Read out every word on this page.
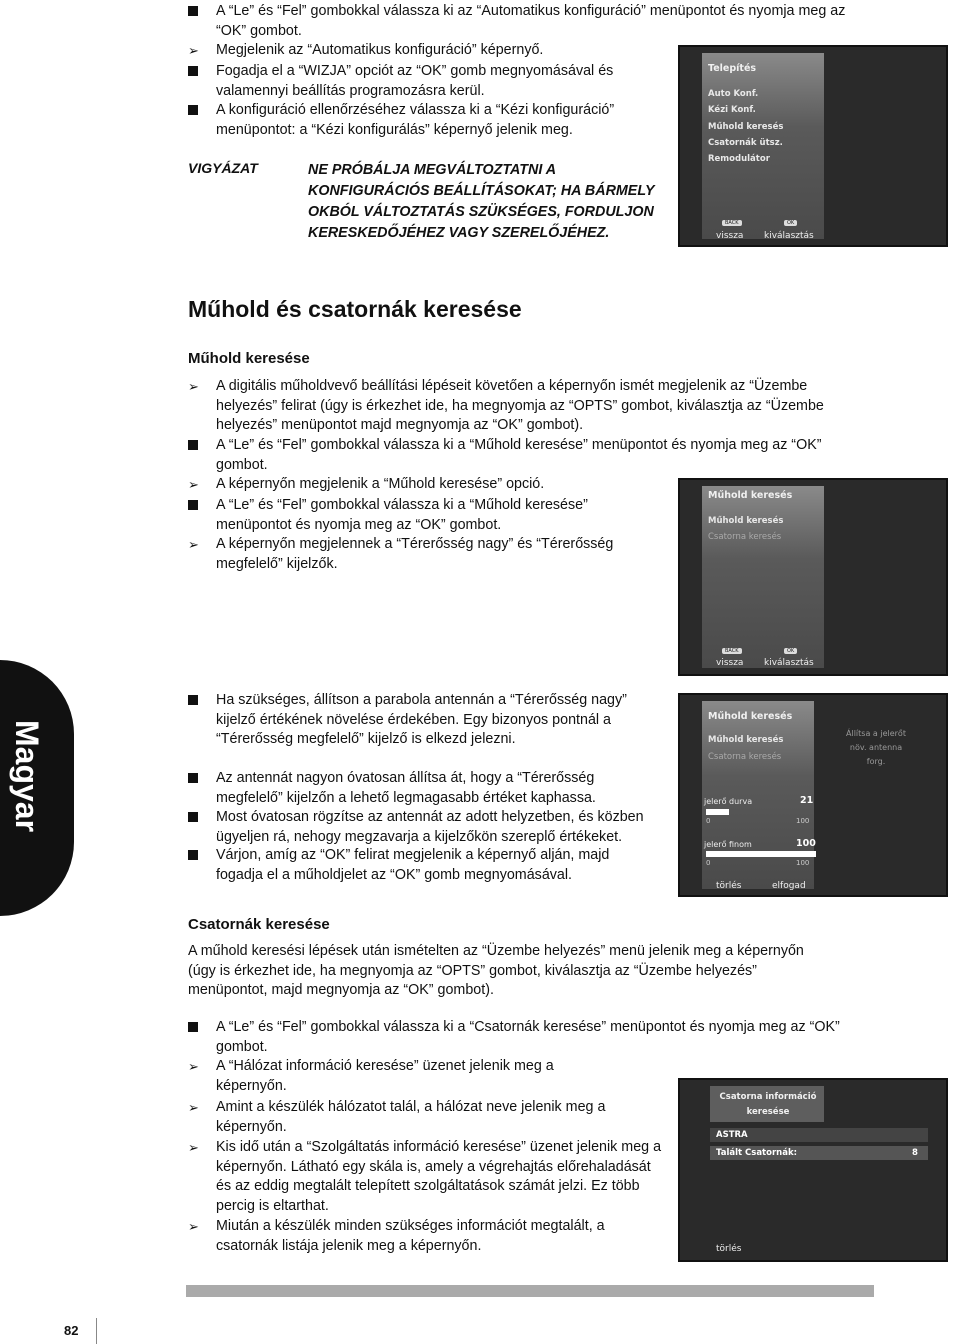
A “Le” és “Fel” gombokkal válassza ki az “Automatikus konfiguráció” menüpontot és nyomja meg az “OK” gombot.
➢	Megjelenik az “Automatikus konfiguráció” képernyő.
Fogadja el a “WIZJA” opciót az “OK” gomb megnyomásával és valamennyi beállítás programozásra kerül.
A konfiguráció ellenőrzéséhez válassza ki a “Kézi konfiguráció” menüpontot: a “Kézi konfigurálás” képernyő jelenik meg.
VIGYÁZAT	NE PRÓBÁLJA MEGVÁLTOZTATNI A KONFIGURÁCIÓS BEÁLLÍTÁSOKAT; HA BÁRMELY OKBÓL VÁLTOZTATÁS SZÜKSÉGES, FORDULJON KERESKEDŐJÉHEZ VAGY SZERELŐJÉHEZ.
Telepítés
Auto Konf.
Kézi Konf.
Műhold keresés
Csatornák ütsz.
Remodulátor
BACK
vissza
OK
kiválasztás
Műhold és csatornák keresése
Műhold keresése
➢	A digitális műholdvevő beállítási lépéseit követően a képernyőn ismét megjelenik az “Üzembe helyezés” felirat (úgy is érkezhet ide, ha megnyomja az “OPTS” gombot, kiválasztja az “Üzembe helyezés” menüpontot majd megnyomja az “OK” gombot).
A “Le” és “Fel” gombokkal válassza ki a “Műhold keresése” menüpontot és nyomja meg az “OK” gombot.
➢	A képernyőn megjelenik a “Műhold keresése” opció.
A “Le” és “Fel” gombokkal válassza ki a “Műhold keresése” menüpontot és nyomja meg az “OK” gombot.
➢	A képernyőn megjelennek a “Térerősség nagy” és “Térerősség megfelelő” kijelzők.
Műhold keresés
Műhold keresés
Csatorna keresés
BACK
vissza
OK
kiválasztás
Magyar
Ha szükséges, állítson a parabola antennán a “Térerősség nagy” kijelző értékének növelése érdekében. Egy bizonyos pontnál a “Térerősség megfelelő” kijelző is elkezd jelezni.
Az antennát nagyon óvatosan állítsa át, hogy a “Térerősség megfelelő” kijelzőn a lehető legmagasabb értéket kaphassa.
Most óvatosan rögzítse az antennát az adott helyzetben, és közben ügyeljen rá, nehogy megzavarja a kijelzőkön szereplő értékeket.
Várjon, amíg az “OK” felirat megjelenik a képernyő alján, majd fogadja el a műholdjelet az “OK” gomb megnyomásával.
Műhold keresés
Műhold keresés
Csatorna keresés
Állítsa a jelerőt növ. antenna forg.
jelerő durva	21
0	100
jelerő finom	100
0	100
törlés	elfogad
Csatornák keresése
A műhold keresési lépések után ismételten az “Üzembe helyezés” menü jelenik meg a képernyőn (úgy is érkezhet ide, ha megnyomja az “OPTS” gombot, kiválasztja az “Üzembe helyezés” menüpontot, majd megnyomja az “OK” gombot).
A “Le” és “Fel” gombokkal válassza ki a “Csatornák keresése” menüpontot és nyomja meg az “OK” gombot.
➢	A “Hálózat információ keresése” üzenet jelenik meg a képernyőn.
➢	Amint a készülék hálózatot talál, a hálózat neve jelenik meg a képernyőn.
➢	Kis idő után a “Szolgáltatás információ keresése” üzenet jelenik meg a képernyőn. Látható egy skála is, amely a végrehajtás előrehaladását és az eddig megtalált telepített szolgáltatások számát jelzi. Ez több percig is eltarthat.
➢	Miután a készülék minden szükséges információt megtalált, a csatornák listája jelenik meg a képernyőn.
Csatorna információ keresése
ASTRA
Talált Csatornák:	8
törlés
82
